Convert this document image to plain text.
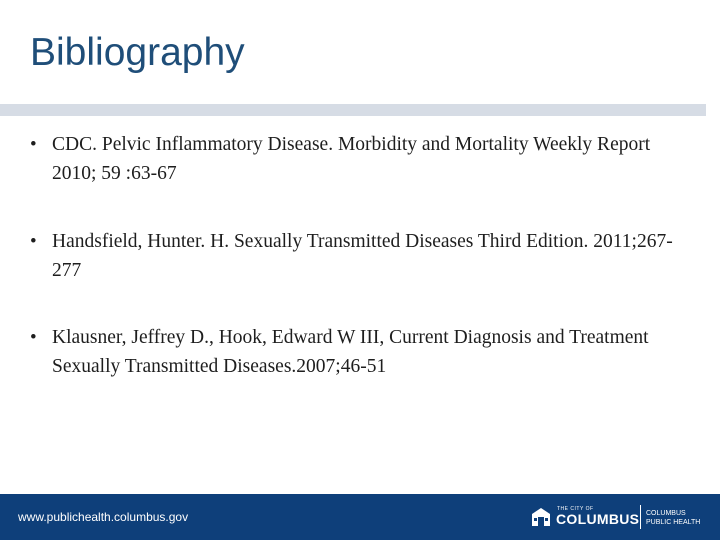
Bibliography
• CDC. Pelvic Inflammatory Disease. Morbidity and Mortality Weekly Report 2010; 59 :63-67
• Handsfield, Hunter. H. Sexually Transmitted Diseases Third Edition. 2011;267-277
• Klausner, Jeffrey D., Hook, Edward W III, Current Diagnosis and Treatment Sexually Transmitted Diseases.2007;46-51
www.publichealth.columbus.gov
THE CITY OF
COLUMBUS COLUMBUS
PUBLIC HEALTH
